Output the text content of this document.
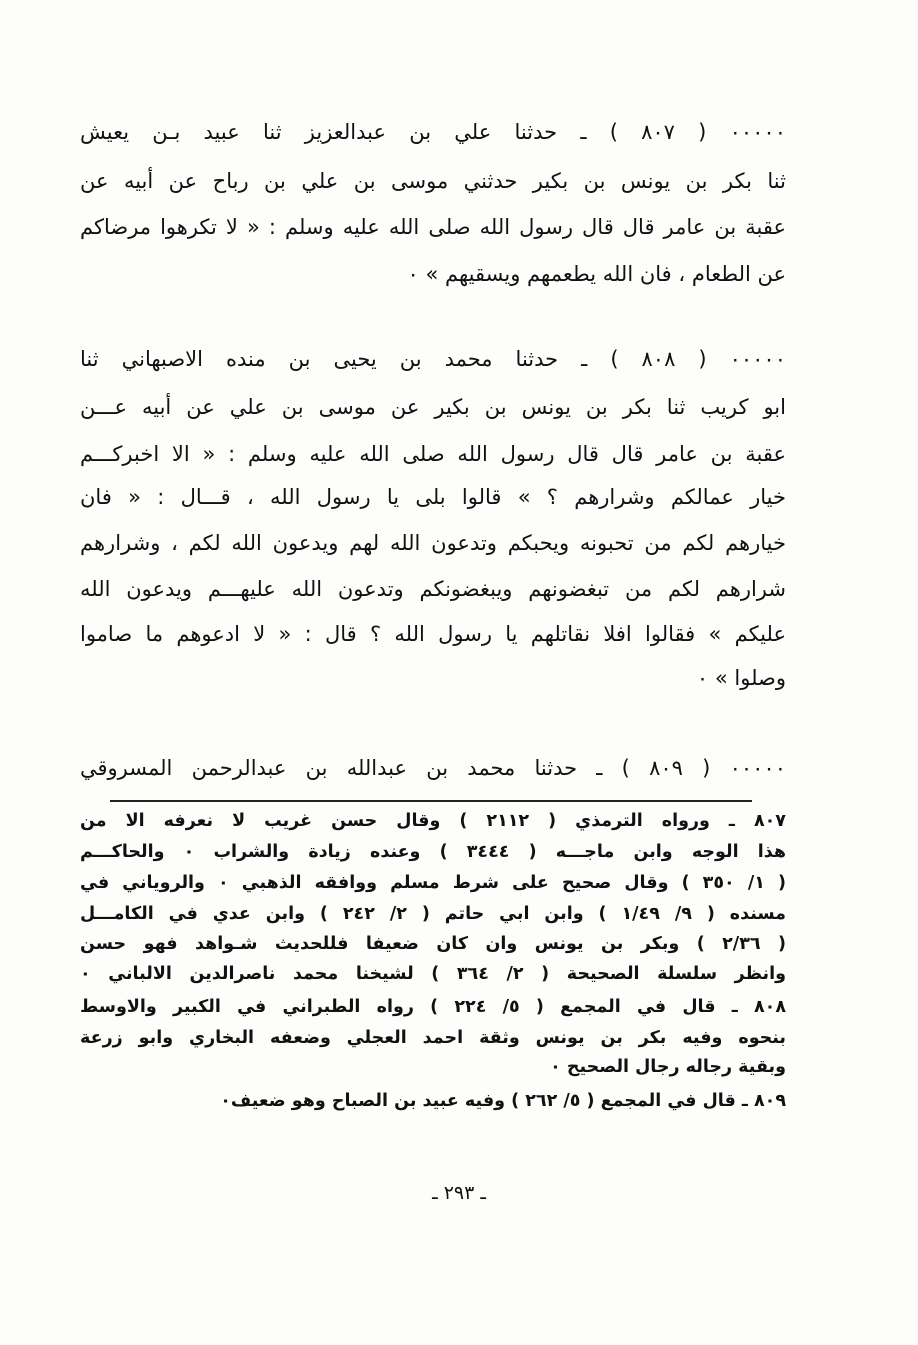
٠٠٠٠٠ ( ٨٠٧ ) ـ حدثنا علي بن عبدالعزيز ثنا عبيد بـن يعيش
ثنا بكر بن يونس بن بكير حدثني موسى بن علي بن رباح عن أبيه عن
عقبة بن عامر قال قال رسول الله صلى الله عليه وسلم : « لا تكرهوا مرضاكم
عن الطعام ، فان الله يطعمهم ويسقيهم » ٠
٠٠٠٠٠ ( ٨٠٨ ) ـ حدثنا محمد بن يحيى بن منده الاصبهاني ثنا
ابو كريب ثنا بكر بن يونس بن بكير عن موسى بن علي عن أبيه عـــن
عقبة بن عامر قال قال رسول الله صلى الله عليه وسلم : « الا اخبركـــم
خيار عمالكم وشرارهم ؟ » قالوا بلى يا رسول الله ، قـــال : « فان
خيارهم لكم من تحبونه ويحبكم وتدعون الله لهم ويدعون الله لكم ، وشرارهم
شرارهم لكم من تبغضونهم ويبغضونكم وتدعون الله عليهـــم ويدعون الله
عليكم » فقالوا افلا نقاتلهم يا رسول الله ؟ قال : « لا ادعوهم ما صاموا
وصلوا » ٠
٠٠٠٠٠ ( ٨٠٩ ) ـ حدثنا محمد بن عبدالله بن عبدالرحمن المسروقي
٨٠٧ ـ ورواه الترمذي ( ٢١١٢ ) وقال حسن غريب لا نعرفه الا من
هذا الوجه وابن ماجـــه ( ٣٤٤٤ ) وعنده زيادة والشراب ٠ والحاكـــم
( ١/ ٣٥٠ ) وقال صحيح على شرط مسلم ووافقه الذهبي ٠ والروياني في
مسنده ( ٩/ ١/٤٩ ) وابن ابي حاتم ( ٢/ ٢٤٢ ) وابن عدي في الكامـــل
( ٢/٣٦ ) وبكر بن يونس وان كان ضعيفا فللحديث شـواهد فهو حسن
وانظر سلسلة الصحيحة ( ٢/ ٣٦٤ ) لشيخنا محمد ناصرالدين الالباني ٠
٨٠٨ ـ قال في المجمع ( ٥/ ٢٢٤ ) رواه الطبراني في الكبير والاوسط
بنحوه وفيه بكر بن يونس وثقة احمد العجلي وضعفه البخاري وابو زرعة
وبقية رجاله رجال الصحيح ٠
٨٠٩ ـ قال في المجمع ( ٥/ ٢٦٢ ) وفيه عبيد بن الصباح وهو ضعيف٠
ـ ٢٩٣ ـ
